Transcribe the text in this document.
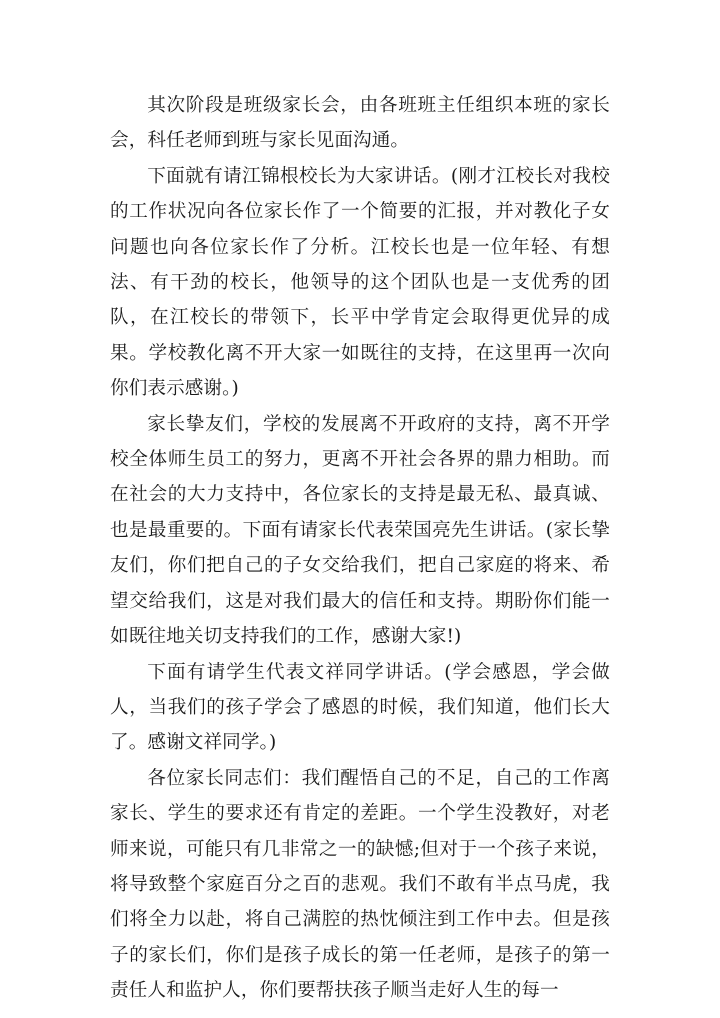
其次阶段是班级家长会，由各班班主任组织本班的家长会，科任老师到班与家长见面沟通。

下面就有请江锦根校长为大家讲话。(刚才江校长对我校的工作状况向各位家长作了一个简要的汇报，并对教化子女问题也向各位家长作了分析。江校长也是一位年轻、有想法、有干劲的校长，他领导的这个团队也是一支优秀的团队，在江校长的带领下，长平中学肯定会取得更优异的成果。学校教化离不开大家一如既往的支持，在这里再一次向你们表示感谢。)

家长挚友们，学校的发展离不开政府的支持，离不开学校全体师生员工的努力，更离不开社会各界的鼎力相助。而在社会的大力支持中，各位家长的支持是最无私、最真诚、也是最重要的。下面有请家长代表荣国亮先生讲话。(家长挚友们，你们把自己的子女交给我们，把自己家庭的将来、希望交给我们，这是对我们最大的信任和支持。期盼你们能一如既往地关切支持我们的工作，感谢大家!)

下面有请学生代表文祥同学讲话。(学会感恩，学会做人，当我们的孩子学会了感恩的时候，我们知道，他们长大了。感谢文祥同学。)

各位家长同志们：我们醒悟自己的不足，自己的工作离家长、学生的要求还有肯定的差距。一个学生没教好，对老师来说，可能只有几非常之一的缺憾;但对于一个孩子来说，将导致整个家庭百分之百的悲观。我们不敢有半点马虎，我们将全力以赴，将自己满腔的热忱倾注到工作中去。但是孩子的家长们，你们是孩子成长的第一任老师，是孩子的第一责任人和监护人，你们要帮扶孩子顺当走好人生的每一
